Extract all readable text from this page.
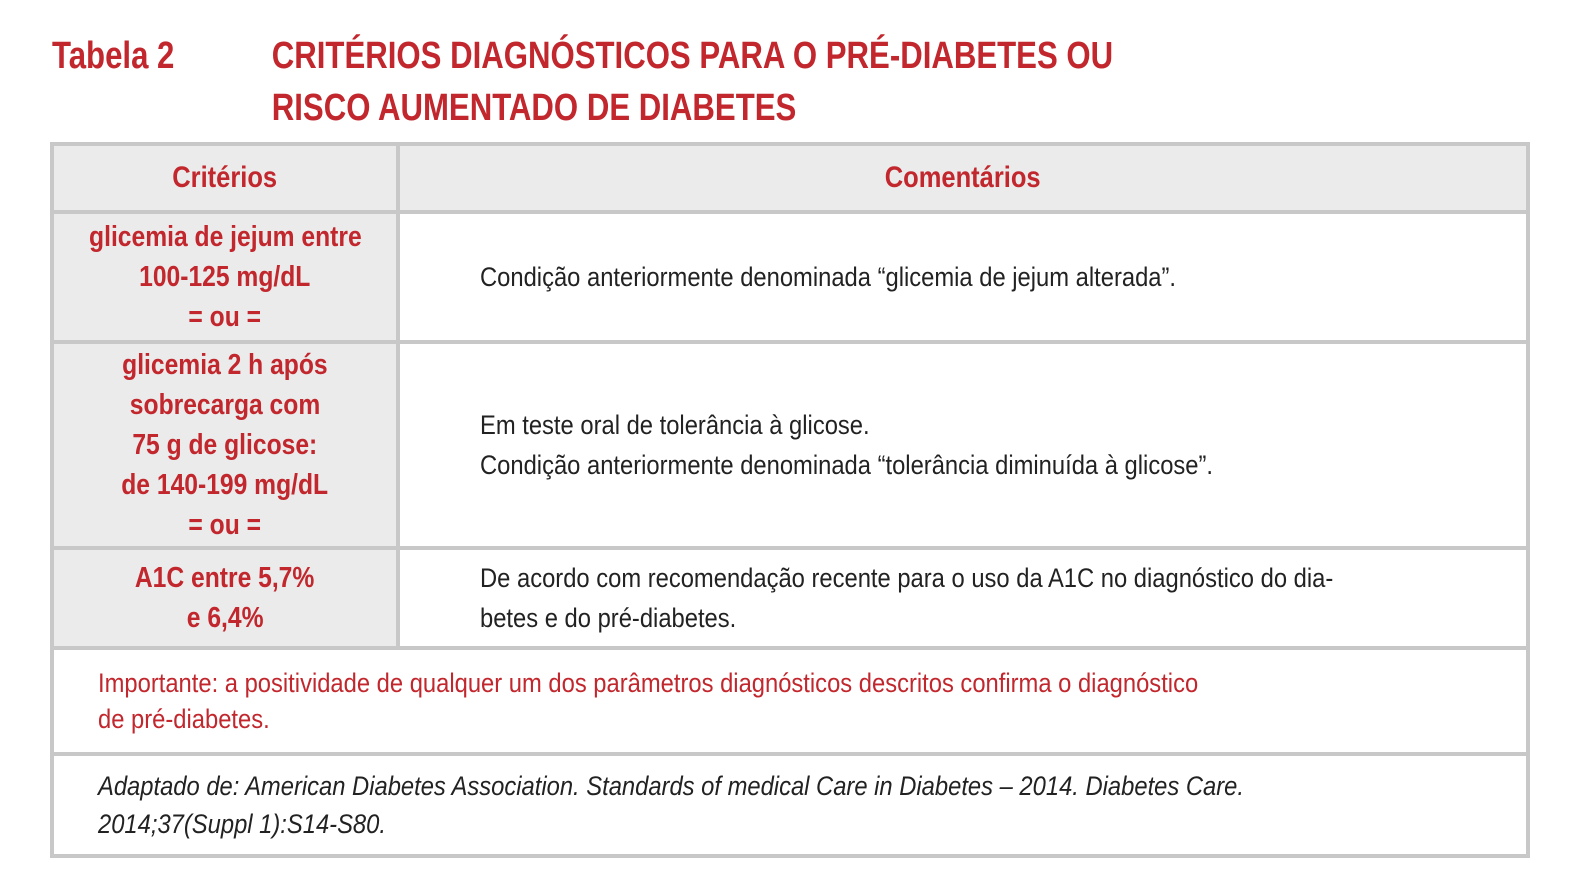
Tabela 2	CRITÉRIOS DIAGNÓSTICOS PARA O PRÉ-DIABETES OU
RISCO AUMENTADO DE DIABETES
Critérios	Comentários
glicemia de jejum entre
100-125 mg/dL
= ou =
Condição anteriormente denominada “glicemia de jejum alterada”.
glicemia 2 h após
sobrecarga com
75 g de glicose:
de 140-199 mg/dL
= ou =
Em teste oral de tolerância à glicose.
Condição anteriormente denominada “tolerância diminuída à glicose”.
A1C entre 5,7%
e 6,4%
De acordo com recomendação recente para o uso da A1C no diagnóstico do dia-
betes e do pré-diabetes.
Importante: a positividade de qualquer um dos parâmetros diagnósticos descritos confirma o diagnóstico
de pré-diabetes.
Adaptado de: American Diabetes Association. Standards of medical Care in Diabetes – 2014. Diabetes Care.
2014;37(Suppl 1):S14-S80.
